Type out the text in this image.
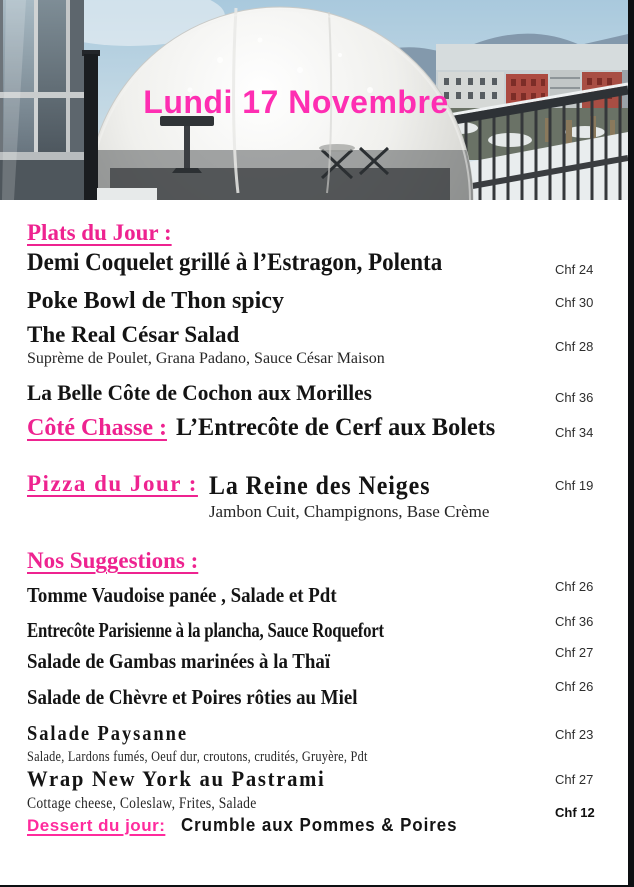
Lundi 17 Novembre
Plats du Jour :
Demi Coquelet grillé à l’Estragon, Polenta	Chf 24
Poke Bowl de Thon spicy	Chf 30
The Real César Salad
Suprème de Poulet, Grana Padano, Sauce César Maison
Chf 28
La Belle Côte de Cochon aux Morilles	Chf 36
Côté Chasse : L’Entrecôte de Cerf aux Bolets	Chf 34
Pizza du Jour : La Reine des Neiges
Jambon Cuit, Champignons, Base Crème
Chf 19
Nos Suggestions :
Tomme Vaudoise panée , Salade et Pdt	Chf 26
Entrecôte Parisienne à la plancha, Sauce Roquefort	Chf 36
Salade de Gambas marinées à la Thaï	Chf 27
Salade de Chèvre et Poires rôties au Miel	Chf 26
Salade Paysanne
Salade, Lardons fumés, Oeuf dur, croutons, crudités, Gruyère, Pdt
Chf 23
Wrap New York au Pastrami
Cottage cheese, Coleslaw, Frites, Salade
Chf 27
Dessert du jour: Crumble aux Pommes & Poires
Chf 12
